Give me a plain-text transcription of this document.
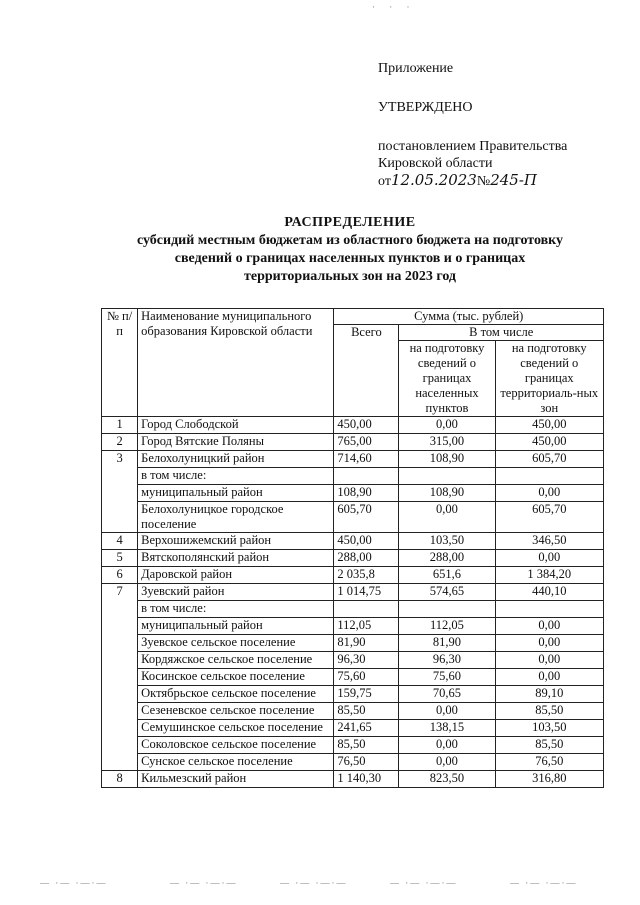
· · ·
Приложение
УТВЕРЖДЕНО
постановлением Правительства
Кировской области
от12.05.2023№245-П
РАСПРЕДЕЛЕНИЕ
субсидий местным бюджетам из областного бюджета на подготовку
сведений о границах населенных пунктов и о границах
территориальных зон на 2023 год
№ п/п	Наименование муниципального образования Кировской области	Сумма (тыс. рублей)		
		Всего	В том числе	
			на подготовку сведений о границах населенных пунктов	на подготовку сведений о границах территориаль-ных зон
1	Город Слободской	450,00	0,00	450,00
2	Город Вятские Поляны	765,00	315,00	450,00
3	Белохолуницкий район	714,60	108,90	605,70
	в том числе:			
	муниципальный район	108,90	108,90	0,00
	Белохолуницкое городское поселение	605,70	0,00	605,70
4	Верхошижемский район	450,00	103,50	346,50
5	Вятскополянский район	288,00	288,00	0,00
6	Даровской район	2 035,8	651,6	1 384,20
7	Зуевский район	1 014,75	574,65	440,10
	в том числе:			
	муниципальный район	112,05	112,05	0,00
	Зуевское сельское поселение	81,90	81,90	0,00
	Кордяжское сельское поселение	96,30	96,30	0,00
	Косинское сельское поселение	75,60	75,60	0,00
	Октябрьское сельское поселение	159,75	70,65	89,10
	Сезеневское сельское поселение	85,50	0,00	85,50
	Семушинское сельское поселение	241,65	138,15	103,50
	Соколовское сельское поселение	85,50	0,00	85,50
	Сунское сельское поселение	76,50	0,00	76,50
8	Кильмезский район	1 140,30	823,50	316,80
— ·— ·—·—	— ·— ·—·—	— ·— ·—·—	— ·— ·—·—	— ·— ·—·—
